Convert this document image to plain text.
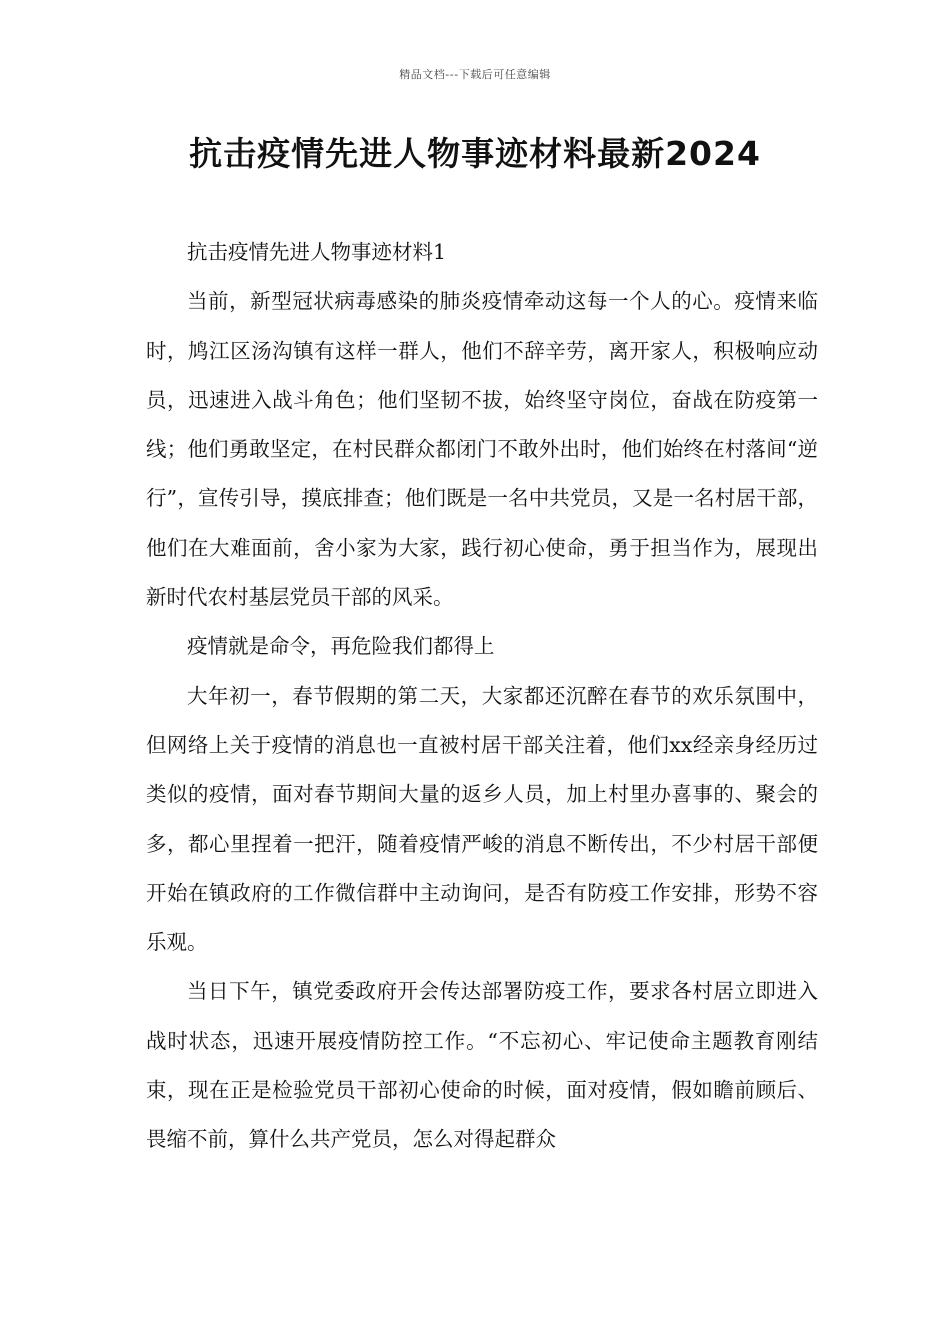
精品文档---下载后可任意编辑
抗击疫情先进人物事迹材料最新2024

抗击疫情先进人物事迹材料1

当前，新型冠状病毒感染的肺炎疫情牵动这每一个人的心。疫情来临时，鸠江区汤沟镇有这样一群人，他们不辞辛劳，离开家人，积极响应动员，迅速进入战斗角色；他们坚韧不拔，始终坚守岗位，奋战在防疫第一线；他们勇敢坚定，在村民群众都闭门不敢外出时，他们始终在村落间“逆行”，宣传引导，摸底排查；他们既是一名中共党员，又是一名村居干部，他们在大难面前，舍小家为大家，践行初心使命，勇于担当作为，展现出新时代农村基层党员干部的风采。

疫情就是命令，再危险我们都得上

大年初一，春节假期的第二天，大家都还沉醉在春节的欢乐氛围中，但网络上关于疫情的消息也一直被村居干部关注着，他们xx经亲身经历过类似的疫情，面对春节期间大量的返乡人员，加上村里办喜事的、聚会的多，都心里捏着一把汗，随着疫情严峻的消息不断传出，不少村居干部便开始在镇政府的工作微信群中主动询问，是否有防疫工作安排，形势不容乐观。

当日下午，镇党委政府开会传达部署防疫工作，要求各村居立即进入战时状态，迅速开展疫情防控工作。“不忘初心、牢记使命主题教育刚结束，现在正是检验党员干部初心使命的时候，面对疫情，假如瞻前顾后、畏缩不前，算什么共产党员，怎么对得起群众
